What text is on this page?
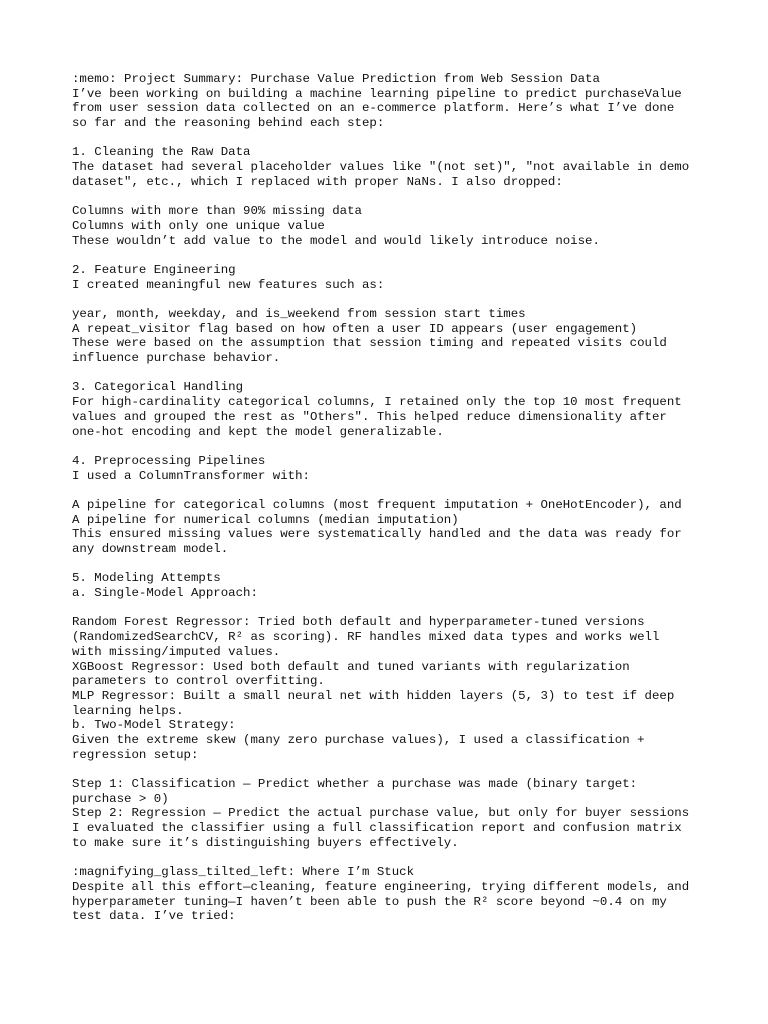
:memo: Project Summary: Purchase Value Prediction from Web Session Data
I’ve been working on building a machine learning pipeline to predict purchaseValue
from user session data collected on an e-commerce platform. Here’s what I’ve done
so far and the reasoning behind each step:
1. Cleaning the Raw Data
The dataset had several placeholder values like "(not set)", "not available in demo
dataset", etc., which I replaced with proper NaNs. I also dropped:
Columns with more than 90% missing data
Columns with only one unique value
These wouldn’t add value to the model and would likely introduce noise.
2. Feature Engineering
I created meaningful new features such as:
year, month, weekday, and is_weekend from session start times
A repeat_visitor flag based on how often a user ID appears (user engagement)
These were based on the assumption that session timing and repeated visits could
influence purchase behavior.
3. Categorical Handling
For high-cardinality categorical columns, I retained only the top 10 most frequent
values and grouped the rest as "Others". This helped reduce dimensionality after
one-hot encoding and kept the model generalizable.
4. Preprocessing Pipelines
I used a ColumnTransformer with:
A pipeline for categorical columns (most frequent imputation + OneHotEncoder), and
A pipeline for numerical columns (median imputation)
This ensured missing values were systematically handled and the data was ready for
any downstream model.
5. Modeling Attempts
a. Single-Model Approach:
Random Forest Regressor: Tried both default and hyperparameter-tuned versions
(RandomizedSearchCV, R² as scoring). RF handles mixed data types and works well
with missing/imputed values.
XGBoost Regressor: Used both default and tuned variants with regularization
parameters to control overfitting.
MLP Regressor: Built a small neural net with hidden layers (5, 3) to test if deep
learning helps.
b. Two-Model Strategy:
Given the extreme skew (many zero purchase values), I used a classification +
regression setup:
Step 1: Classification — Predict whether a purchase was made (binary target:
purchase > 0)
Step 2: Regression — Predict the actual purchase value, but only for buyer sessions
I evaluated the classifier using a full classification report and confusion matrix
to make sure it’s distinguishing buyers effectively.
:magnifying_glass_tilted_left: Where I’m Stuck
Despite all this effort—cleaning, feature engineering, trying different models, and
hyperparameter tuning—I haven’t been able to push the R² score beyond ~0.4 on my
test data. I’ve tried:
